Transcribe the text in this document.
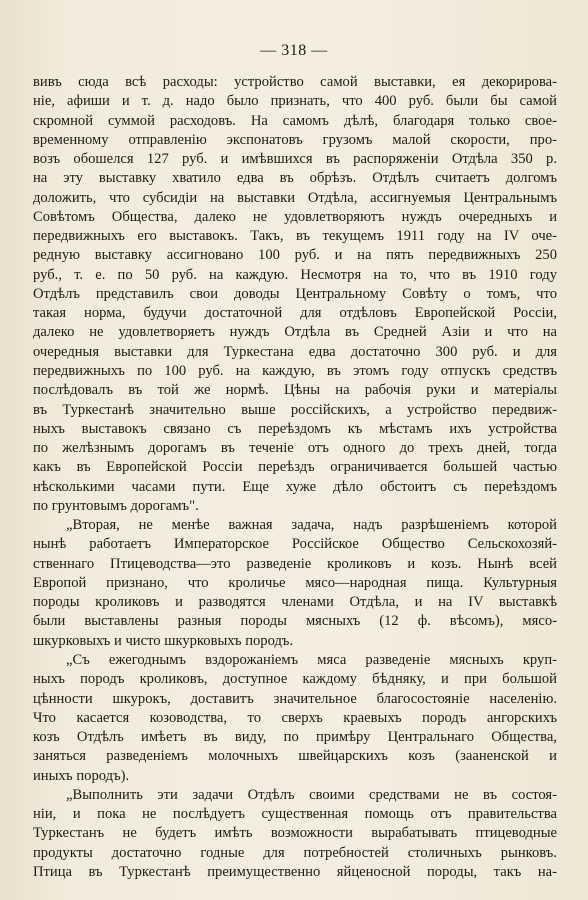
— 318 —
вивъ сюда всѣ расходы: устройство самой выставки, ея декорирова-
ніе, афиши и т. д. надо было признать, что 400 руб. были бы самой
скромной суммой расходовъ. На самомъ дѣлѣ, благодаря только свое-
временному отправленію экспонатовъ грузомъ малой скорости, про-
возъ обошелся 127 руб. и имѣвшихся въ распоряженіи Отдѣла 350 р.
на эту выставку хватило едва въ обрѣзъ. Отдѣлъ считаетъ долгомъ
доложить, что субсидіи на выставки Отдѣла, ассигнуемыя Центральнымъ
Совѣтомъ Общества, далеко не удовлетворяютъ нуждъ очередныхъ и
передвижныхъ его выставокъ. Такъ, въ текущемъ 1911 году на IV оче-
редную выставку ассигновано 100 руб. и на пять передвижныхъ 250
руб., т. е. по 50 руб. на каждую. Несмотря на то, что въ 1910 году
Отдѣлъ представилъ свои доводы Центральному Совѣту о томъ, что
такая норма, будучи достаточной для отдѣловъ Европейской Россіи,
далеко не удовлетворяетъ нуждъ Отдѣла въ Средней Азіи и что на
очередныя выставки для Туркестана едва достаточно 300 руб. и для
передвижныхъ по 100 руб. на каждую, въ этомъ году отпускъ средствъ
послѣдовалъ въ той же нормѣ. Цѣны на рабочія руки и матеріалы
въ Туркестанѣ значительно выше россійскихъ, а устройство передвиж-
ныхъ выставокъ связано съ переѣздомъ къ мѣстамъ ихъ устройства
по желѣзнымъ дорогамъ въ теченіе отъ одного до трехъ дней, тогда
какъ въ Европейской Россіи переѣздъ ограничивается большей частью
нѣсколькими часами пути. Еще хуже дѣло обстоитъ съ переѣздомъ
по грунтовымъ дорогамъ".
„Вторая, не менѣе важная задача, надъ разрѣшеніемъ которой
нынѣ работаетъ Императорское Россійское Общество Сельскохозяй-
ственнаго Птицеводства—это разведеніе кроликовъ и козъ. Нынѣ всей
Европой признано, что кроличье мясо—народная пища. Культурныя
породы кроликовъ и разводятся членами Отдѣла, и на IV выставкѣ
были выставлены разныя породы мясныхъ (12 ф. вѣсомъ), мясо-
шкурковыхъ и чисто шкурковыхъ породъ.
„Съ ежегоднымъ вздорожаніемъ мяса разведеніе мясныхъ круп-
ныхъ породъ кроликовъ, доступное каждому бѣдняку, и при большой
цѣнности шкурокъ, доставитъ значительное благосостояніе населенію.
Что касается козоводства, то сверхъ краевыхъ породъ ангорскихъ
козъ Отдѣлъ имѣетъ въ виду, по примѣру Центральнаго Общества,
заняться разведеніемъ молочныхъ швейцарскихъ козъ (зааненской и
иныхъ породъ).
„Выполнить эти задачи Отдѣлъ своими средствами не въ состоя-
ніи, и пока не послѣдуетъ существенная помощь отъ правительства
Туркестанъ не будетъ имѣть возможности вырабатывать птицеводные
продукты достаточно годные для потребностей столичныхъ рынковъ.
Птица въ Туркестанѣ преимущественно яйценосной породы, такъ на-
